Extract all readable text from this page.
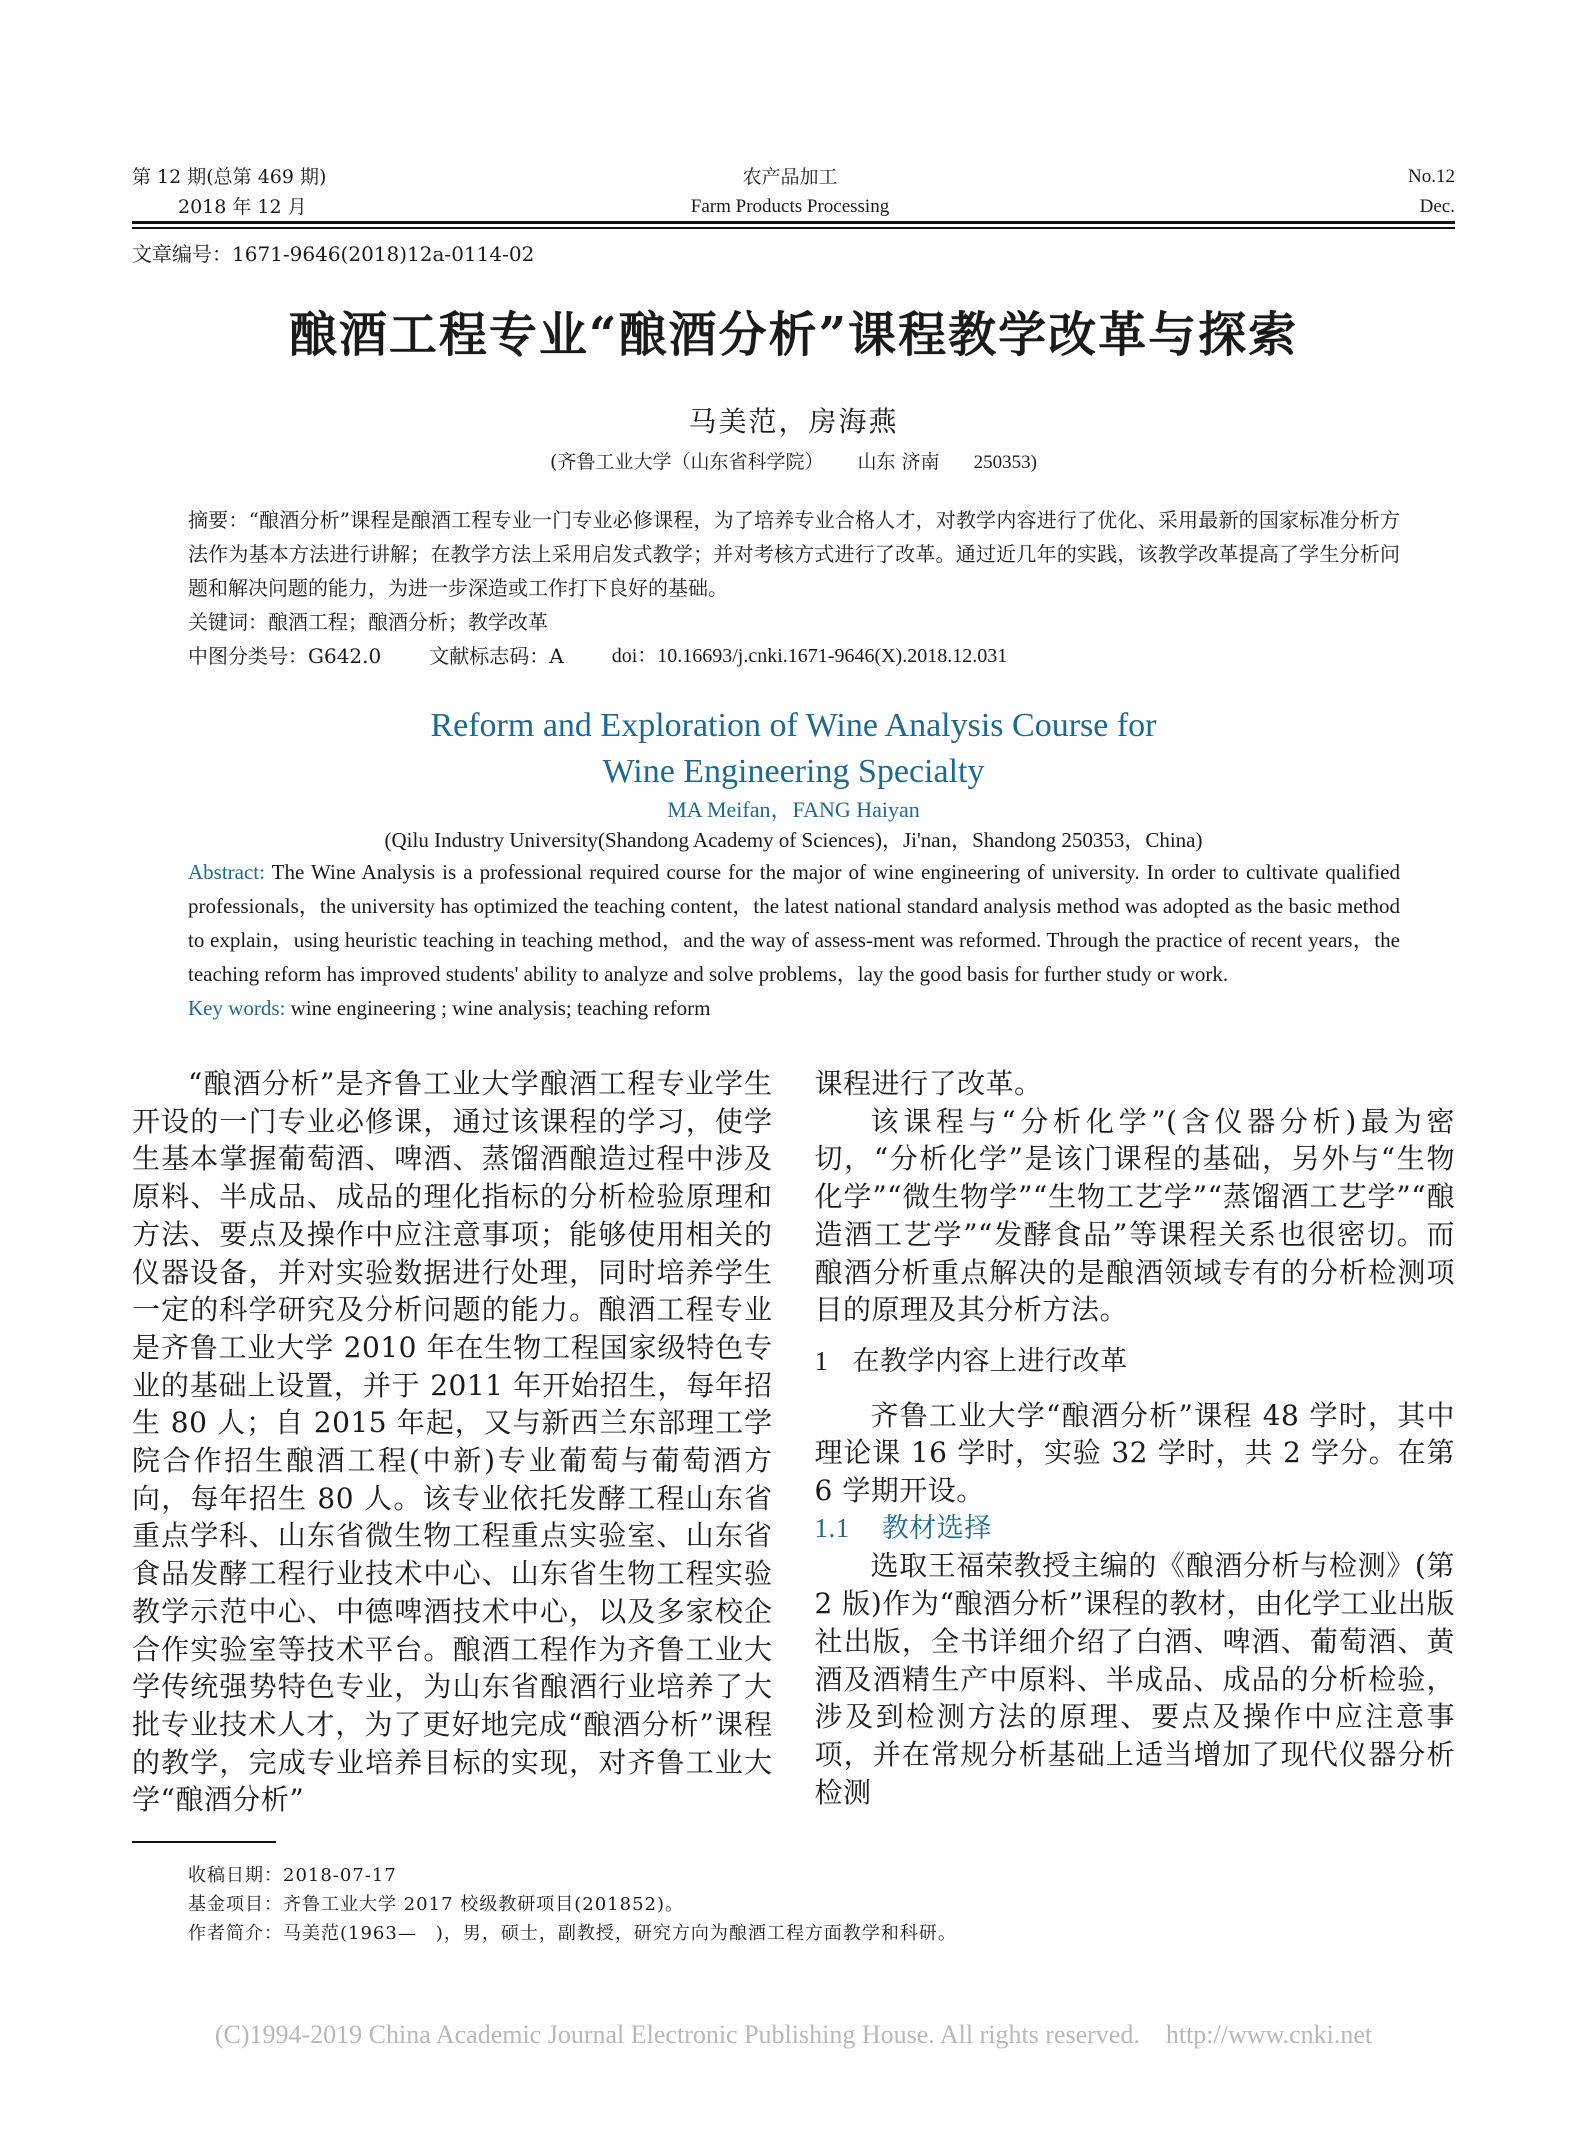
第 12 期(总第 469 期)
2018 年 12 月
农产品加工
Farm Products Processing
No.12
Dec.
文章编号：1671-9646(2018)12a-0114-02
酿酒工程专业“酿酒分析”课程教学改革与探索
马美范，房海燕
(齐鲁工业大学（山东省科学院） 山东 济南 250353)
摘要：“酿酒分析”课程是酿酒工程专业一门专业必修课程，为了培养专业合格人才，对教学内容进行了优化、采用最新的国家标准分析方法作为基本方法进行讲解；在教学方法上采用启发式教学；并对考核方式进行了改革。通过近几年的实践，该教学改革提高了学生分析问题和解决问题的能力，为进一步深造或工作打下良好的基础。
关键词：酿酒工程；酿酒分析；教学改革
中图分类号：G642.0 文献标志码：A doi：10.16693/j.cnki.1671-9646(X).2018.12.031
Reform and Exploration of Wine Analysis Course for
Wine Engineering Specialty
MA Meifan，FANG Haiyan
(Qilu Industry University(Shandong Academy of Sciences)，Ji'nan，Shandong 250353，China)
Abstract: The Wine Analysis is a professional required course for the major of wine engineering of university. In order to cultivate qualified professionals，the university has optimized the teaching content，the latest national standard analysis method was adopted as the basic method to explain，using heuristic teaching in teaching method，and the way of assess-ment was reformed. Through the practice of recent years，the teaching reform has improved students' ability to analyze and solve problems，lay the good basis for further study or work.
Key words: wine engineering ; wine analysis; teaching reform

“酿酒分析”是齐鲁工业大学酿酒工程专业学生开设的一门专业必修课，通过该课程的学习，使学生基本掌握葡萄酒、啤酒、蒸馏酒酿造过程中涉及原料、半成品、成品的理化指标的分析检验原理和方法、要点及操作中应注意事项；能够使用相关的仪器设备，并对实验数据进行处理，同时培养学生一定的科学研究及分析问题的能力。酿酒工程专业是齐鲁工业大学 2010 年在生物工程国家级特色专业的基础上设置，并于 2011 年开始招生，每年招生 80 人；自 2015 年起，又与新西兰东部理工学院合作招生酿酒工程(中新)专业葡萄与葡萄酒方向，每年招生 80 人。该专业依托发酵工程山东省重点学科、山东省微生物工程重点实验室、山东省食品发酵工程行业技术中心、山东省生物工程实验教学示范中心、中德啤酒技术中心，以及多家校企合作实验室等技术平台。酿酒工程作为齐鲁工业大学传统强势特色专业，为山东省酿酒行业培养了大批专业技术人才，为了更好地完成“酿酒分析”课程的教学，完成专业培养目标的实现，对齐鲁工业大学“酿酒分析”

课程进行了改革。

该课程与“分析化学”(含仪器分析)最为密切，“分析化学”是该门课程的基础，另外与“生物化学”“微生物学”“生物工艺学”“蒸馏酒工艺学”“酿造酒工艺学”“发酵食品”等课程关系也很密切。而酿酒分析重点解决的是酿酒领域专有的分析检测项目的原理及其分析方法。

1 在教学内容上进行改革

齐鲁工业大学“酿酒分析”课程 48 学时，其中理论课 16 学时，实验 32 学时，共 2 学分。在第 6 学期开设。

1.1 教材选择

选取王福荣教授主编的《酿酒分析与检测》(第 2 版)作为“酿酒分析”课程的教材，由化学工业出版社出版，全书详细介绍了白酒、啤酒、葡萄酒、黄酒及酒精生产中原料、半成品、成品的分析检验，涉及到检测方法的原理、要点及操作中应注意事项，并在常规分析基础上适当增加了现代仪器分析检测

收稿日期：2018-07-17
基金项目：齐鲁工业大学 2017 校级教研项目(201852)。
作者简介：马美范(1963—　)，男，硕士，副教授，研究方向为酿酒工程方面教学和科研。
(C)1994-2019 China Academic Journal Electronic Publishing House. All rights reserved. http://www.cnki.net
